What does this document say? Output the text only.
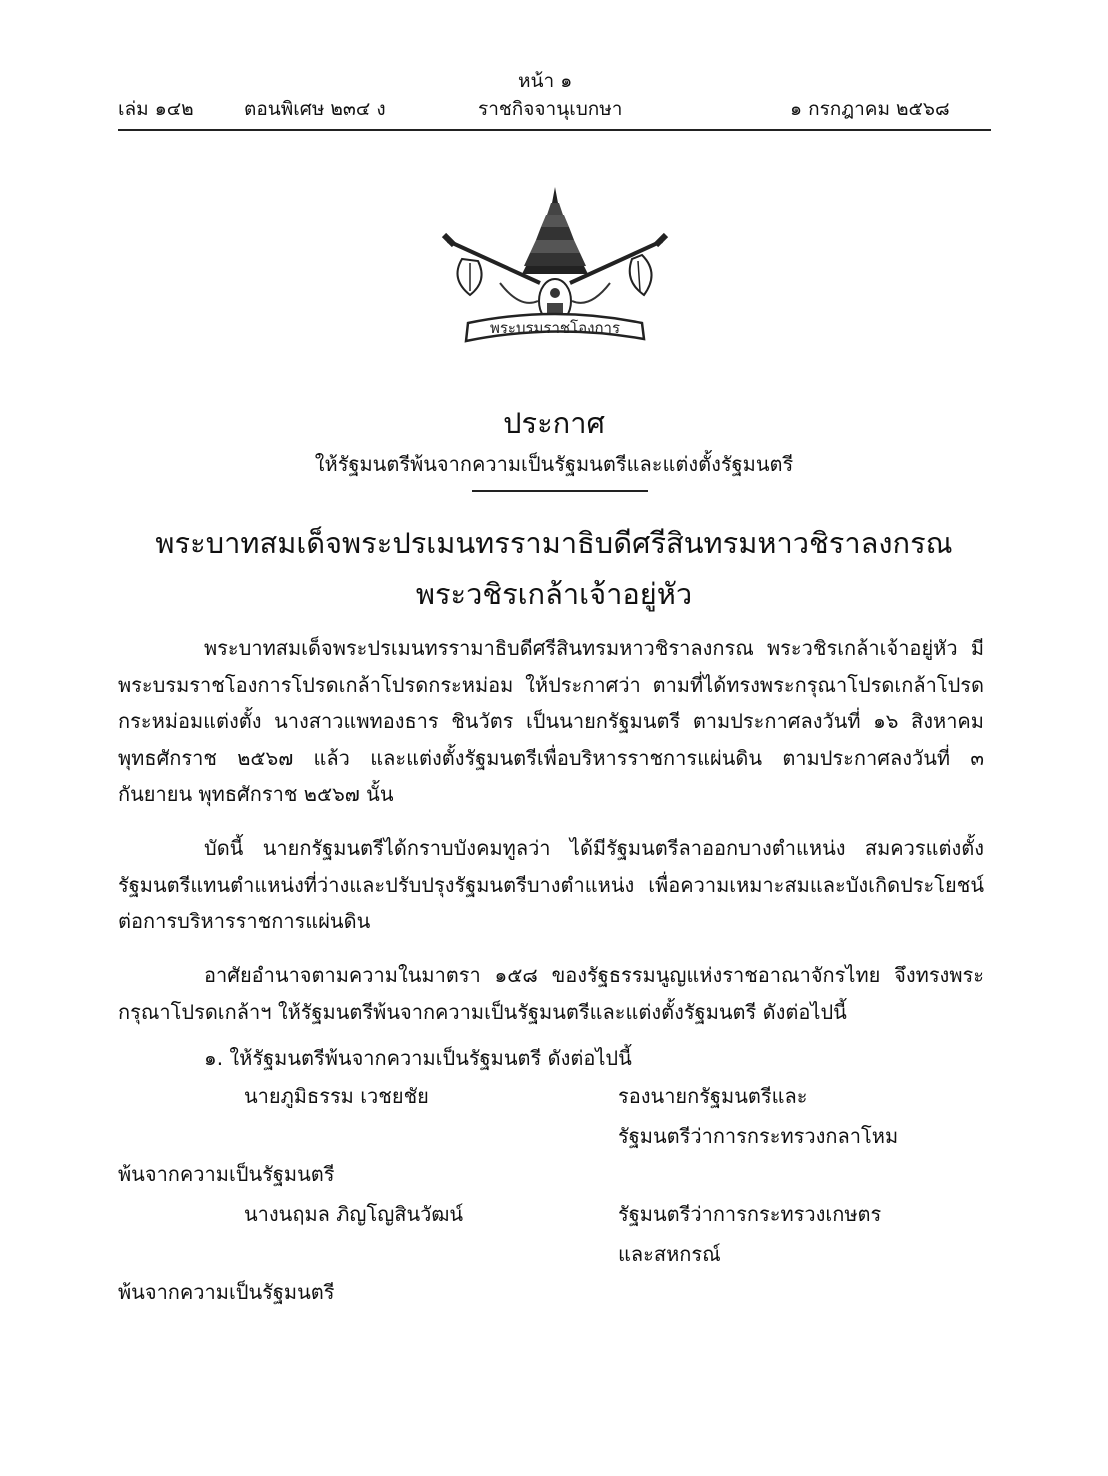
หน้า ๑
เล่ม ๑๔๒	ตอนพิเศษ ๒๓๔ ง	ราชกิจจานุเบกษา	๑ กรกฎาคม ๒๕๖๘
พระบรมราชโองการ
ประกาศ
ให้รัฐมนตรีพ้นจากความเป็นรัฐมนตรีและแต่งตั้งรัฐมนตรี
พระบาทสมเด็จพระปรเมนทรรามาธิบดีศรีสินทรมหาวชิราลงกรณ
พระวชิรเกล้าเจ้าอยู่หัว
พระบาทสมเด็จพระปรเมนทรรามาธิบดีศรีสินทรมหาวชิราลงกรณ พระวชิรเกล้าเจ้าอยู่หัว มีพระบรมราชโองการโปรดเกล้าโปรดกระหม่อม ให้ประกาศว่า ตามที่ได้ทรงพระกรุณาโปรดเกล้าโปรดกระหม่อมแต่งตั้ง นางสาวแพทองธาร ชินวัตร เป็นนายกรัฐมนตรี ตามประกาศลงวันที่ ๑๖ สิงหาคม พุทธศักราช ๒๕๖๗ แล้ว และแต่งตั้งรัฐมนตรีเพื่อบริหารราชการแผ่นดิน ตามประกาศลงวันที่ ๓ กันยายน พุทธศักราช ๒๕๖๗ นั้น
บัดนี้ นายกรัฐมนตรีได้กราบบังคมทูลว่า ได้มีรัฐมนตรีลาออกบางตำแหน่ง สมควรแต่งตั้งรัฐมนตรีแทนตำแหน่งที่ว่างและปรับปรุงรัฐมนตรีบางตำแหน่ง เพื่อความเหมาะสมและบังเกิดประโยชน์ต่อการบริหารราชการแผ่นดิน
อาศัยอำนาจตามความในมาตรา ๑๕๘ ของรัฐธรรมนูญแห่งราชอาณาจักรไทย จึงทรงพระกรุณาโปรดเกล้าฯ ให้รัฐมนตรีพ้นจากความเป็นรัฐมนตรีและแต่งตั้งรัฐมนตรี ดังต่อไปนี้
๑. ให้รัฐมนตรีพ้นจากความเป็นรัฐมนตรี ดังต่อไปนี้
นายภูมิธรรม เวชยชัย	รองนายกรัฐมนตรีและ
รัฐมนตรีว่าการกระทรวงกลาโหม
พ้นจากความเป็นรัฐมนตรี
นางนฤมล ภิญโญสินวัฒน์	รัฐมนตรีว่าการกระทรวงเกษตร
และสหกรณ์
พ้นจากความเป็นรัฐมนตรี
